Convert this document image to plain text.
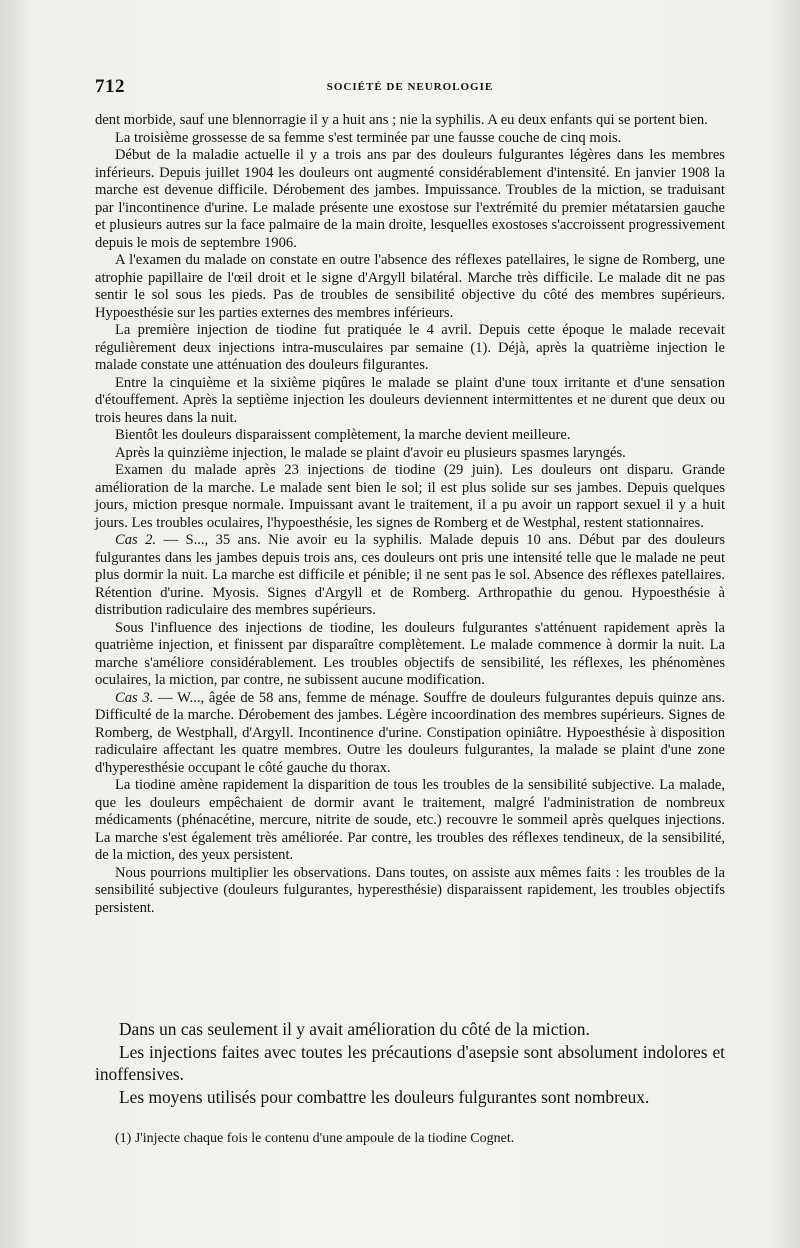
712	SOCIÉTÉ DE NEUROLOGIE

dent morbide, sauf une blennorragie il y a huit ans ; nie la syphilis. A eu deux enfants qui se portent bien.

La troisième grossesse de sa femme s'est terminée par une fausse couche de cinq mois.

Début de la maladie actuelle il y a trois ans par des douleurs fulgurantes légères dans les membres inférieurs. Depuis juillet 1904 les douleurs ont augmenté considérablement d'intensité. En janvier 1908 la marche est devenue difficile. Dérobement des jambes. Impuissance. Troubles de la miction, se traduisant par l'incontinence d'urine. Le malade présente une exostose sur l'extrémité du premier métatarsien gauche et plusieurs autres sur la face palmaire de la main droite, lesquelles exostoses s'accroissent progressivement depuis le mois de septembre 1906.

A l'examen du malade on constate en outre l'absence des réflexes patellaires, le signe de Romberg, une atrophie papillaire de l'œil droit et le signe d'Argyll bilatéral. Marche très difficile. Le malade dit ne pas sentir le sol sous les pieds. Pas de troubles de sensibilité objective du côté des membres supérieurs. Hypoesthésie sur les parties externes des membres inférieurs.

La première injection de tiodine fut pratiquée le 4 avril. Depuis cette époque le malade recevait régulièrement deux injections intra-musculaires par semaine (1). Déjà, après la quatrième injection le malade constate une atténuation des douleurs filgurantes.

Entre la cinquième et la sixième piqûres le malade se plaint d'une toux irritante et d'une sensation d'étouffement. Après la septième injection les douleurs deviennent intermittentes et ne durent que deux ou trois heures dans la nuit.

Bientôt les douleurs disparaissent complètement, la marche devient meilleure.

Après la quinzième injection, le malade se plaint d'avoir eu plusieurs spasmes laryngés.

Examen du malade après 23 injections de tiodine (29 juin). Les douleurs ont disparu. Grande amélioration de la marche. Le malade sent bien le sol; il est plus solide sur ses jambes. Depuis quelques jours, miction presque normale. Impuissant avant le traitement, il a pu avoir un rapport sexuel il y a huit jours. Les troubles oculaires, l'hypoesthésie, les signes de Romberg et de Westphal, restent stationnaires.

Cas 2. — S..., 35 ans. Nie avoir eu la syphilis. Malade depuis 10 ans. Début par des douleurs fulgurantes dans les jambes depuis trois ans, ces douleurs ont pris une intensité telle que le malade ne peut plus dormir la nuit. La marche est difficile et pénible; il ne sent pas le sol. Absence des réflexes patellaires. Rétention d'urine. Myosis. Signes d'Argyll et de Romberg. Arthropathie du genou. Hypoesthésie à distribution radiculaire des membres supérieurs.

Sous l'influence des injections de tiodine, les douleurs fulgurantes s'atténuent rapidement après la quatrième injection, et finissent par disparaître complètement. Le malade commence à dormir la nuit. La marche s'améliore considérablement. Les troubles objectifs de sensibilité, les réflexes, les phénomènes oculaires, la miction, par contre, ne subissent aucune modification.

Cas 3. — W..., âgée de 58 ans, femme de ménage. Souffre de douleurs fulgurantes depuis quinze ans. Difficulté de la marche. Dérobement des jambes. Légère incoordination des membres supérieurs. Signes de Romberg, de Westphall, d'Argyll. Incontinence d'urine. Constipation opiniâtre. Hypoesthésie à disposition radiculaire affectant les quatre membres. Outre les douleurs fulgurantes, la malade se plaint d'une zone d'hyperesthésie occupant le côté gauche du thorax.

La tiodine amène rapidement la disparition de tous les troubles de la sensibilité subjective. La malade, que les douleurs empêchaient de dormir avant le traitement, malgré l'administration de nombreux médicaments (phénacétine, mercure, nitrite de soude, etc.) recouvre le sommeil après quelques injections. La marche s'est également très améliorée. Par contre, les troubles des réflexes tendineux, de la sensibilité, de la miction, des yeux persistent.

Nous pourrions multiplier les observations. Dans toutes, on assiste aux mêmes faits : les troubles de la sensibilité subjective (douleurs fulgurantes, hyperesthésie) disparaissent rapidement, les troubles objectifs persistent.

Dans un cas seulement il y avait amélioration du côté de la miction.

Les injections faites avec toutes les précautions d'asepsie sont absolument indolores et inoffensives.

Les moyens utilisés pour combattre les douleurs fulgurantes sont nombreux.

(1) J'injecte chaque fois le contenu d'une ampoule de la tiodine Cognet.
